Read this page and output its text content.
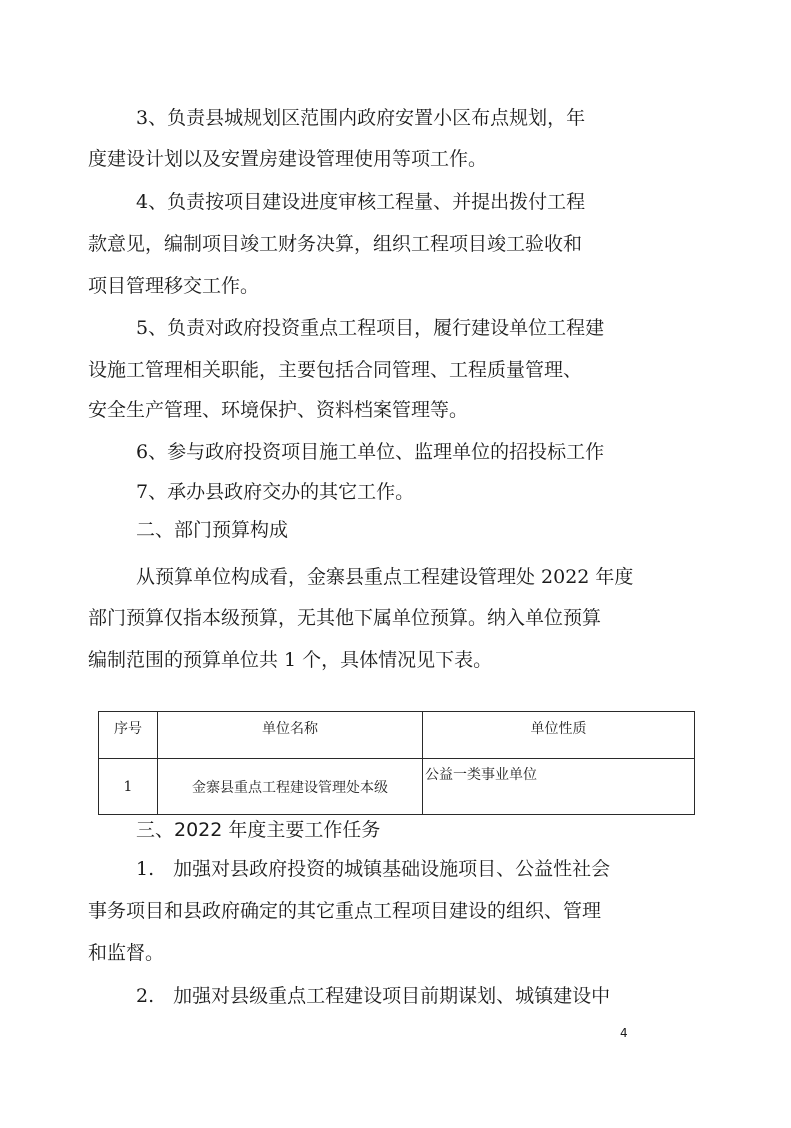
3、负责县城规划区范围内政府安置小区布点规划，年

度建设计划以及安置房建设管理使用等项工作。

4、负责按项目建设进度审核工程量、并提出拨付工程

款意见，编制项目竣工财务决算，组织工程项目竣工验收和

项目管理移交工作。

5、负责对政府投资重点工程项目，履行建设单位工程建

设施工管理相关职能，主要包括合同管理、工程质量管理、

安全生产管理、环境保护、资料档案管理等。

6、参与政府投资项目施工单位、监理单位的招投标工作

7、承办县政府交办的其它工作。

二、部门预算构成

从预算单位构成看，金寨县重点工程建设管理处 2022 年度

部门预算仅指本级预算，无其他下属单位预算。纳入单位预算

编制范围的预算单位共 1 个，具体情况见下表。

序号	单位名称	单位性质
1	金寨县重点工程建设管理处本级	公益一类事业单位

三、2022 年度主要工作任务

1.　加强对县政府投资的城镇基础设施项目、公益性社会

事务项目和县政府确定的其它重点工程项目建设的组织、管理

和监督。

2.　加强对县级重点工程建设项目前期谋划、城镇建设中

4
